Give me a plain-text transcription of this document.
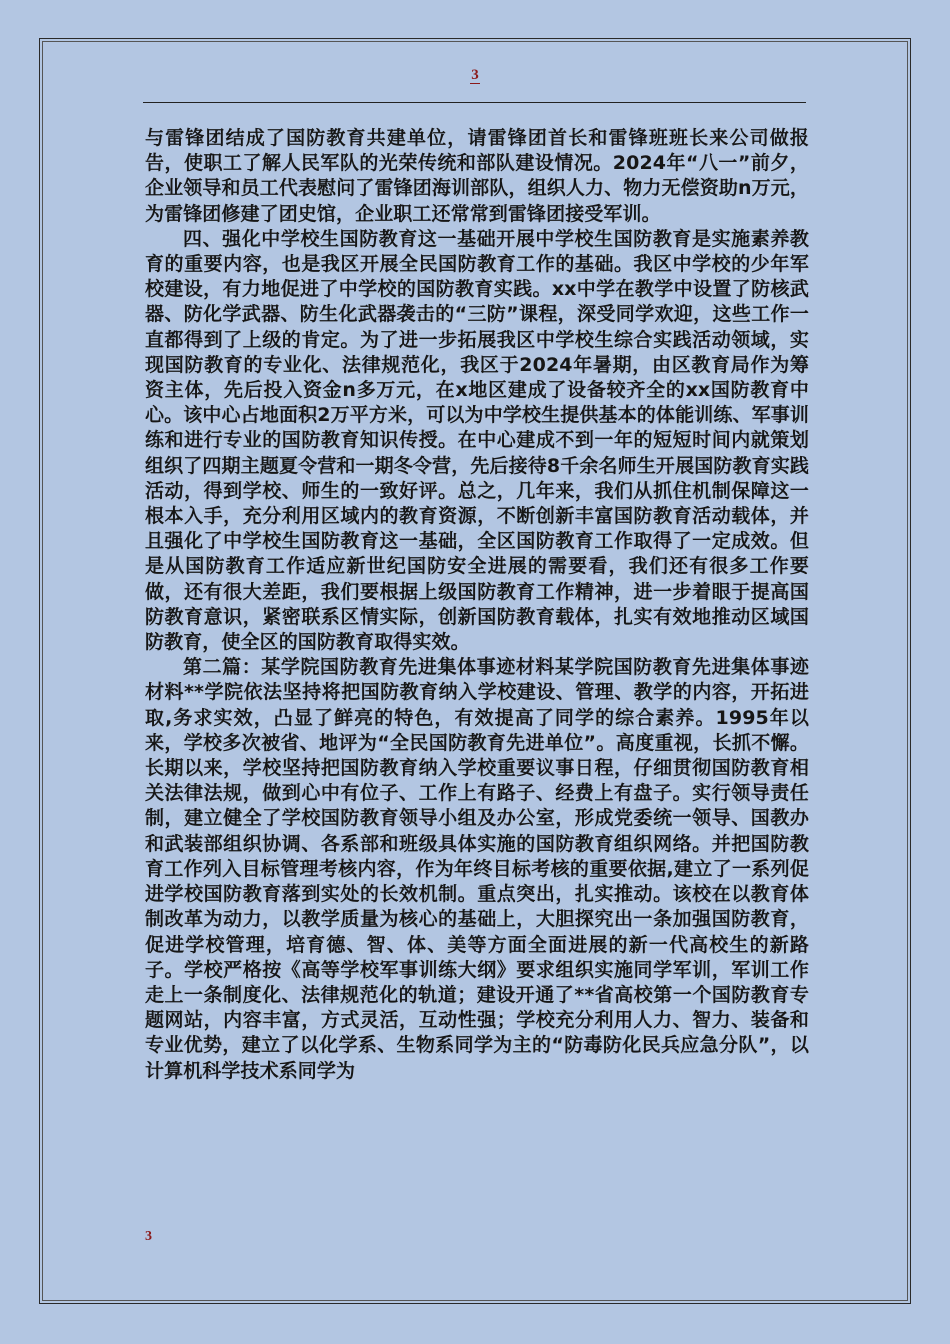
3

与雷锋团结成了国防教育共建单位，请雷锋团首长和雷锋班班长来公司做报告，使职工了解人民军队的光荣传统和部队建设情况。2024年“八一”前夕，企业领导和员工代表慰问了雷锋团海训部队，组织人力、物力无偿资助n万元，为雷锋团修建了团史馆，企业职工还常常到雷锋团接受军训。

四、强化中学校生国防教育这一基础开展中学校生国防教育是实施素养教育的重要内容，也是我区开展全民国防教育工作的基础。我区中学校的少年军校建设，有力地促进了中学校的国防教育实践。xx中学在教学中设置了防核武器、防化学武器、防生化武器袭击的“三防”课程，深受同学欢迎，这些工作一直都得到了上级的肯定。为了进一步拓展我区中学校生综合实践活动领域，实现国防教育的专业化、法律规范化，我区于2024年暑期，由区教育局作为筹资主体，先后投入资金n多万元，在x地区建成了设备较齐全的xx国防教育中心。该中心占地面积2万平方米，可以为中学校生提供基本的体能训练、军事训练和进行专业的国防教育知识传授。在中心建成不到一年的短短时间内就策划组织了四期主题夏令营和一期冬令营，先后接待8千余名师生开展国防教育实践活动，得到学校、师生的一致好评。总之，几年来，我们从抓住机制保障这一根本入手，充分利用区域内的教育资源，不断创新丰富国防教育活动载体，并且强化了中学校生国防教育这一基础，全区国防教育工作取得了一定成效。但是从国防教育工作适应新世纪国防安全进展的需要看，我们还有很多工作要做，还有很大差距，我们要根据上级国防教育工作精神，进一步着眼于提高国防教育意识，紧密联系区情实际，创新国防教育载体，扎实有效地推动区域国防教育，使全区的国防教育取得实效。

第二篇：某学院国防教育先进集体事迹材料某学院国防教育先进集体事迹材料**学院依法坚持将把国防教育纳入学校建设、管理、教学的内容，开拓进取,务求实效，凸显了鲜亮的特色，有效提高了同学的综合素养。1995年以来，学校多次被省、地评为“全民国防教育先进单位”。高度重视，长抓不懈。长期以来，学校坚持把国防教育纳入学校重要议事日程，仔细贯彻国防教育相关法律法规，做到心中有位子、工作上有路子、经费上有盘子。实行领导责任制，建立健全了学校国防教育领导小组及办公室，形成党委统一领导、国教办和武装部组织协调、各系部和班级具体实施的国防教育组织网络。并把国防教育工作列入目标管理考核内容，作为年终目标考核的重要依据,建立了一系列促进学校国防教育落到实处的长效机制。重点突出，扎实推动。该校在以教育体制改革为动力，以教学质量为核心的基础上，大胆探究出一条加强国防教育，促进学校管理，培育德、智、体、美等方面全面进展的新一代高校生的新路子。学校严格按《高等学校军事训练大纲》要求组织实施同学军训，军训工作走上一条制度化、法律规范化的轨道；建设开通了**省高校第一个国防教育专题网站，内容丰富，方式灵活，互动性强；学校充分利用人力、智力、装备和专业优势，建立了以化学系、生物系同学为主的“防毒防化民兵应急分队”，以计算机科学技术系同学为

3
